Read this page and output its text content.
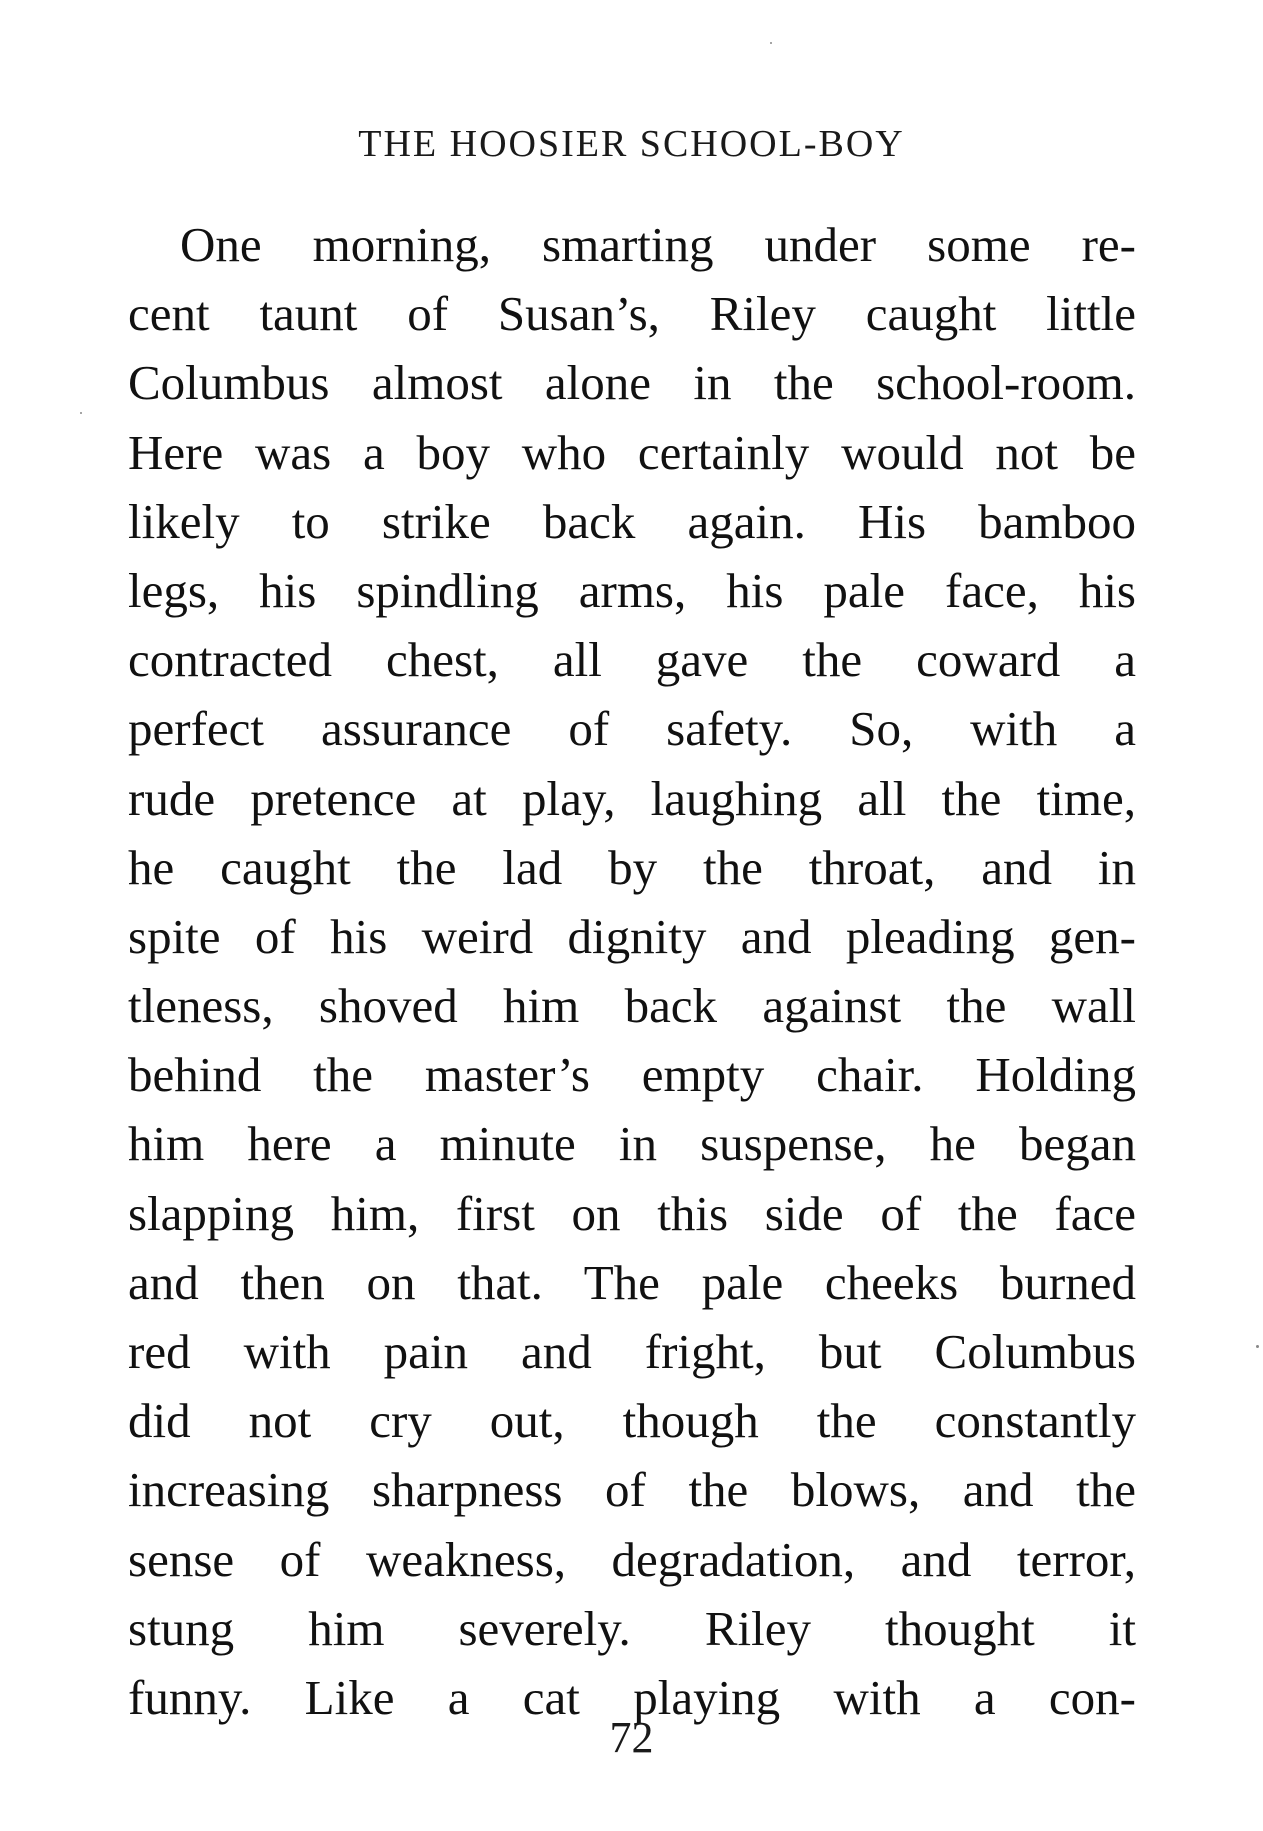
THE HOOSIER SCHOOL-BOY
One morning, smarting under some re-
cent taunt of Susan’s, Riley caught little
Columbus almost alone in the school-room.
Here was a boy who certainly would not be
likely to strike back again. His bamboo
legs, his spindling arms, his pale face, his
contracted chest, all gave the coward a
perfect assurance of safety. So, with a
rude pretence at play, laughing all the time,
he caught the lad by the throat, and in
spite of his weird dignity and pleading gen-
tleness, shoved him back against the wall
behind the master’s empty chair. Holding
him here a minute in suspense, he began
slapping him, first on this side of the face
and then on that. The pale cheeks burned
red with pain and fright, but Columbus
did not cry out, though the constantly
increasing sharpness of the blows, and the
sense of weakness, degradation, and terror,
stung him severely. Riley thought it
funny. Like a cat playing with a con-
72
